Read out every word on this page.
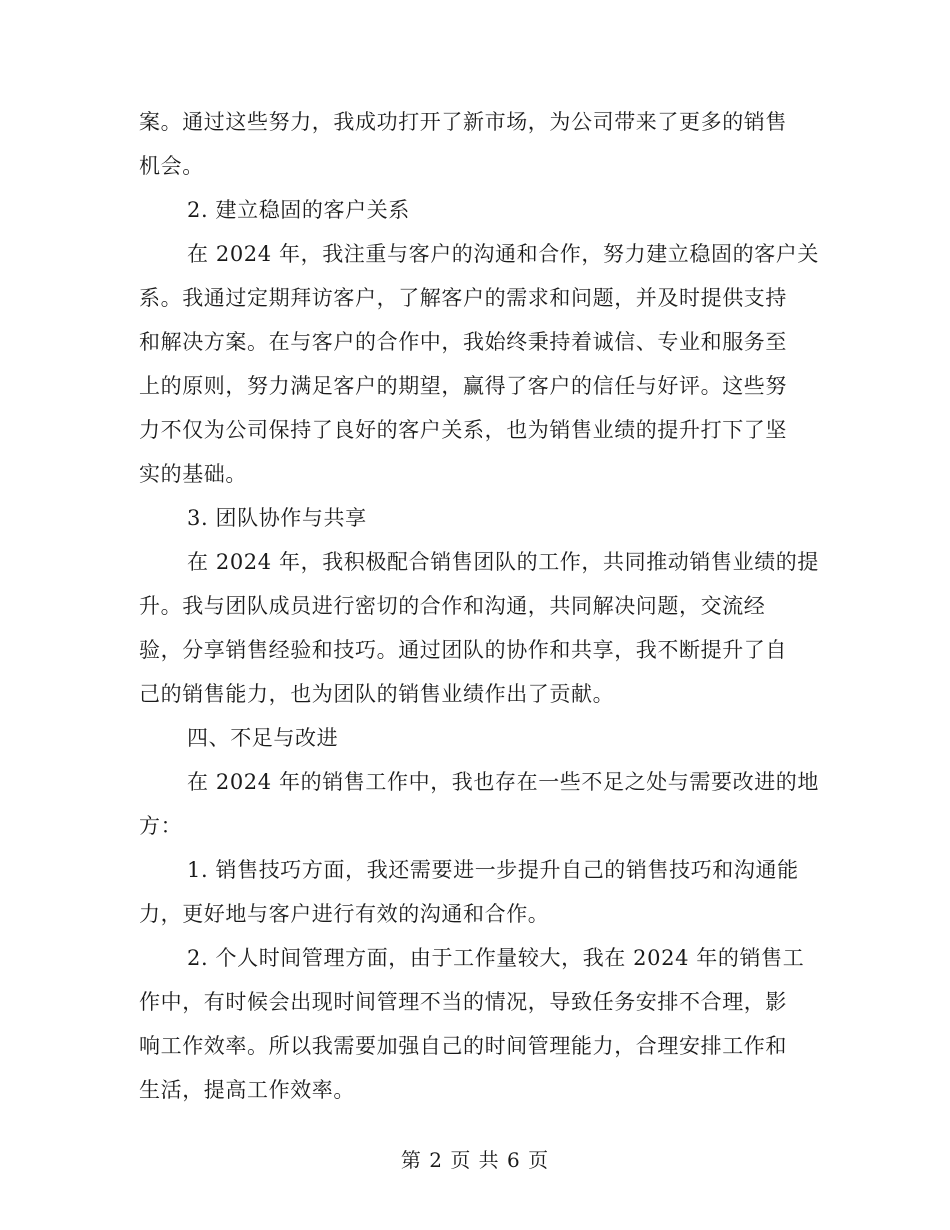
案。通过这些努力，我成功打开了新市场，为公司带来了更多的销售
机会。
2. 建立稳固的客户关系
在 2024 年，我注重与客户的沟通和合作，努力建立稳固的客户关
系。我通过定期拜访客户，了解客户的需求和问题，并及时提供支持
和解决方案。在与客户的合作中，我始终秉持着诚信、专业和服务至
上的原则，努力满足客户的期望，赢得了客户的信任与好评。这些努
力不仅为公司保持了良好的客户关系，也为销售业绩的提升打下了坚
实的基础。
3. 团队协作与共享
在 2024 年，我积极配合销售团队的工作，共同推动销售业绩的提
升。我与团队成员进行密切的合作和沟通，共同解决问题，交流经
验，分享销售经验和技巧。通过团队的协作和共享，我不断提升了自
己的销售能力，也为团队的销售业绩作出了贡献。
四、不足与改进
在 2024 年的销售工作中，我也存在一些不足之处与需要改进的地
方：
1. 销售技巧方面，我还需要进一步提升自己的销售技巧和沟通能
力，更好地与客户进行有效的沟通和合作。
2. 个人时间管理方面，由于工作量较大，我在 2024 年的销售工
作中，有时候会出现时间管理不当的情况，导致任务安排不合理，影
响工作效率。所以我需要加强自己的时间管理能力，合理安排工作和
生活，提高工作效率。
第 2 页 共 6 页
